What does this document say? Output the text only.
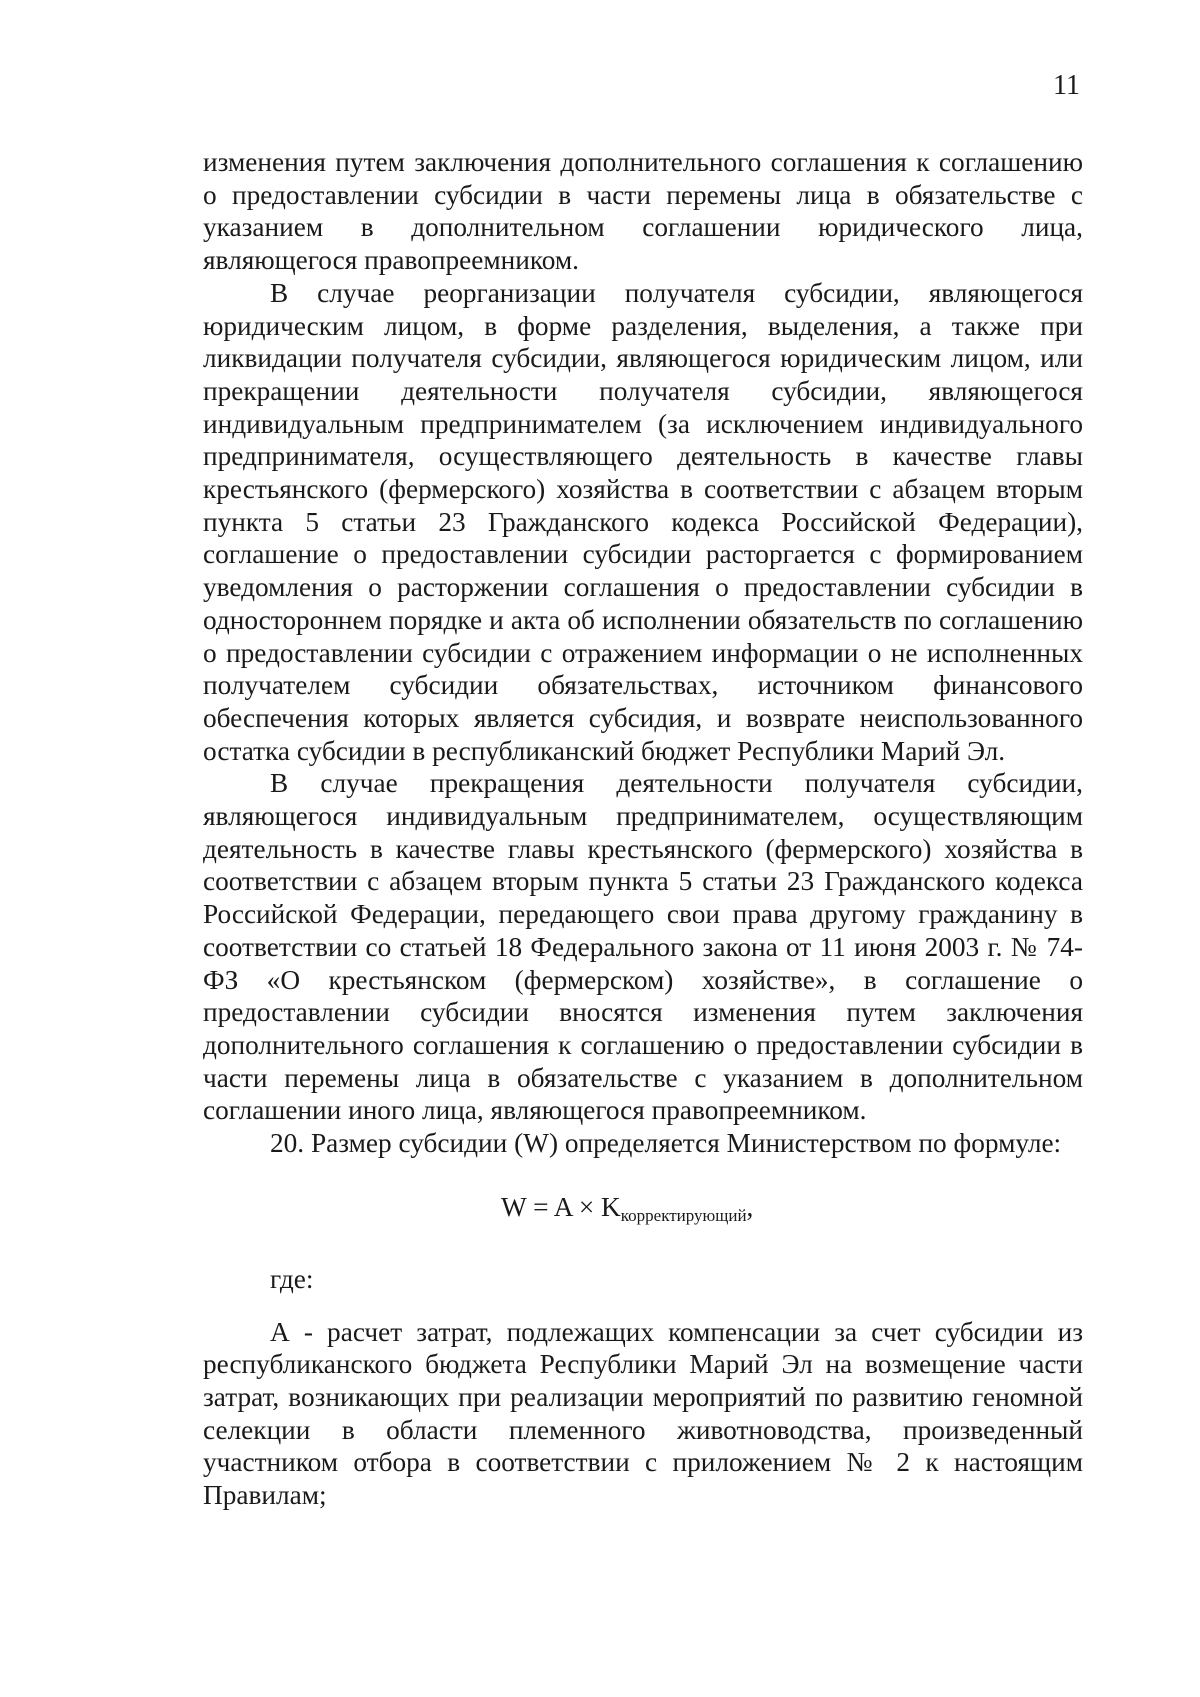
11

изменения путем заключения дополнительного соглашения к соглашению о предоставлении субсидии в части перемены лица в обязательстве с указанием в дополнительном соглашении юридического лица, являющегося правопреемником.

В случае реорганизации получателя субсидии, являющегося юридическим лицом, в форме разделения, выделения, а также при ликвидации получателя субсидии, являющегося юридическим лицом, или прекращении деятельности получателя субсидии, являющегося индивидуальным предпринимателем (за исключением индивидуального предпринимателя, осуществляющего деятельность в качестве главы крестьянского (фермерского) хозяйства в соответствии с абзацем вторым пункта 5 статьи 23 Гражданского кодекса Российской Федерации), соглашение о предоставлении субсидии расторгается с формированием уведомления о расторжении соглашения о предоставлении субсидии в одностороннем порядке и акта об исполнении обязательств по соглашению о предоставлении субсидии с отражением информации о не исполненных получателем субсидии обязательствах, источником финансового обеспечения которых является субсидия, и возврате неиспользованного остатка субсидии в республиканский бюджет Республики Марий Эл.

В случае прекращения деятельности получателя субсидии, являющегося индивидуальным предпринимателем, осуществляющим деятельность в качестве главы крестьянского (фермерского) хозяйства в соответствии с абзацем вторым пункта 5 статьи 23 Гражданского кодекса Российской Федерации, передающего свои права другому гражданину в соответствии со статьей 18 Федерального закона от 11 июня 2003 г. № 74-ФЗ «О крестьянском (фермерском) хозяйстве», в соглашение о предоставлении субсидии вносятся изменения путем заключения дополнительного соглашения к соглашению о предоставлении субсидии в части перемены лица в обязательстве с указанием в дополнительном соглашении иного лица, являющегося правопреемником.

20. Размер субсидии (W) определяется Министерством по формуле:

$W = A \times K_{корректирующий}$,

где:

А - расчет затрат, подлежащих компенсации за счет субсидии из республиканского бюджета Республики Марий Эл на возмещение части затрат, возникающих при реализации мероприятий по развитию геномной селекции в области племенного животноводства, произведенный участником отбора в соответствии с приложением № 2 к настоящим Правилам;
